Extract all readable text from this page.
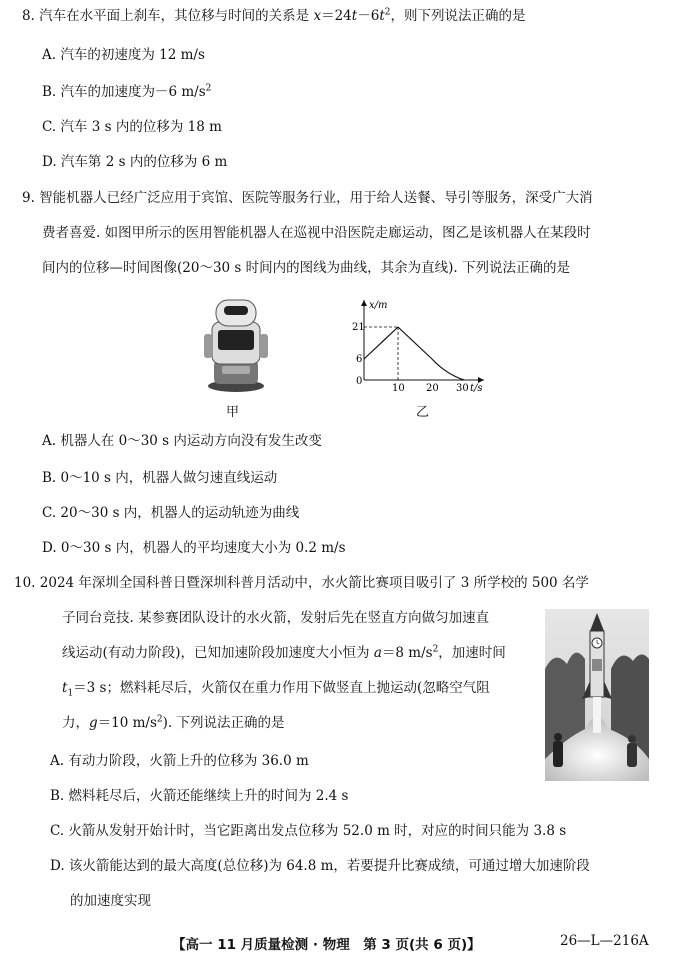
8. 汽车在水平面上刹车，其位移与时间的关系是 $x=24t-6t^2$，则下列说法正确的是
A. 汽车的初速度为 12 m/s
B. 汽车的加速度为－6 $m/s^2$
C. 汽车 3 s 内的位移为 18 m
D. 汽车第 2 s 内的位移为 6 m
9. 智能机器人已经广泛应用于宾馆、医院等服务行业，用于给人送餐、导引等服务，深受广大消
费者喜爱. 如图甲所示的医用智能机器人在巡视中沿医院走廊运动，图乙是该机器人在某段时
间内的位移—时间图像(20～30 s 时间内的图线为曲线，其余为直线). 下列说法正确的是
甲
x/m
21
6
0
10 20 30 t/s
乙
A. 机器人在 0～30 s 内运动方向没有发生改变
B. 0～10 s 内，机器人做匀速直线运动
C. 20～30 s 内，机器人的运动轨迹为曲线
D. 0～30 s 内，机器人的平均速度大小为 0.2 m/s
10. 2024 年深圳全国科普日暨深圳科普月活动中，水火箭比赛项目吸引了 3 所学校的 500 名学
子同台竞技. 某参赛团队设计的水火箭，发射后先在竖直方向做匀加速直
线运动(有动力阶段)，已知加速阶段加速度大小恒为 a＝8 $m/s^2$，加速时间
$t_1=3$ s；燃料耗尽后，火箭仅在重力作用下做竖直上抛运动(忽略空气阻
力，g＝10 $m/s^2$). 下列说法正确的是
A. 有动力阶段，火箭上升的位移为 36.0 m
B. 燃料耗尽后，火箭还能继续上升的时间为 2.4 s
C. 火箭从发射开始计时，当它距离出发点位移为 52.0 m 时，对应的时间只能为 3.8 s
D. 该火箭能达到的最大高度(总位移)为 64.8 m，若要提升比赛成绩，可通过增大加速阶段
的加速度实现
【高一 11 月质量检测 · 物理　第 3 页(共 6 页)】	26—L—216A
